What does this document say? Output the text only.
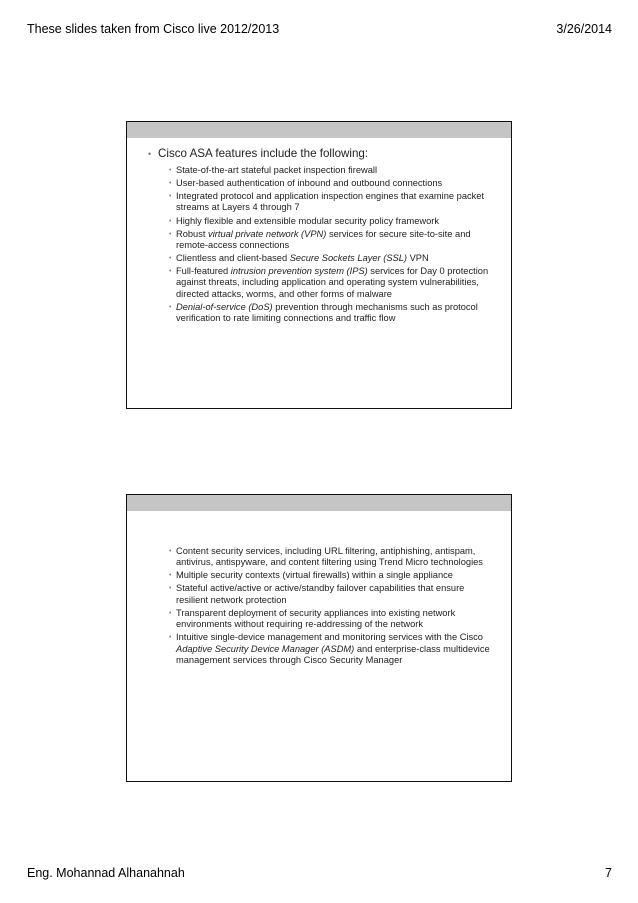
These slides taken from Cisco live 2012/2013	3/26/2014
• Cisco ASA features include the following:
• State-of-the-art stateful packet inspection firewall
• User-based authentication of inbound and outbound connections
• Integrated protocol and application inspection engines that examine packet streams at Layers 4 through 7
• Highly flexible and extensible modular security policy framework
• Robust virtual private network (VPN) services for secure site-to-site and remote-access connections
• Clientless and client-based Secure Sockets Layer (SSL) VPN
• Full-featured intrusion prevention system (IPS) services for Day 0 protection against threats, including application and operating system vulnerabilities, directed attacks, worms, and other forms of malware
• Denial-of-service (DoS) prevention through mechanisms such as protocol verification to rate limiting connections and traffic flow
• Content security services, including URL filtering, antiphishing, antispam, antivirus, antispyware, and content filtering using Trend Micro technologies
• Multiple security contexts (virtual firewalls) within a single appliance
• Stateful active/active or active/standby failover capabilities that ensure resilient network protection
• Transparent deployment of security appliances into existing network environments without requiring re-addressing of the network
• Intuitive single-device management and monitoring services with the Cisco Adaptive Security Device Manager (ASDM) and enterprise-class multidevice management services through Cisco Security Manager
Eng. Mohannad Alhanahnah	7
